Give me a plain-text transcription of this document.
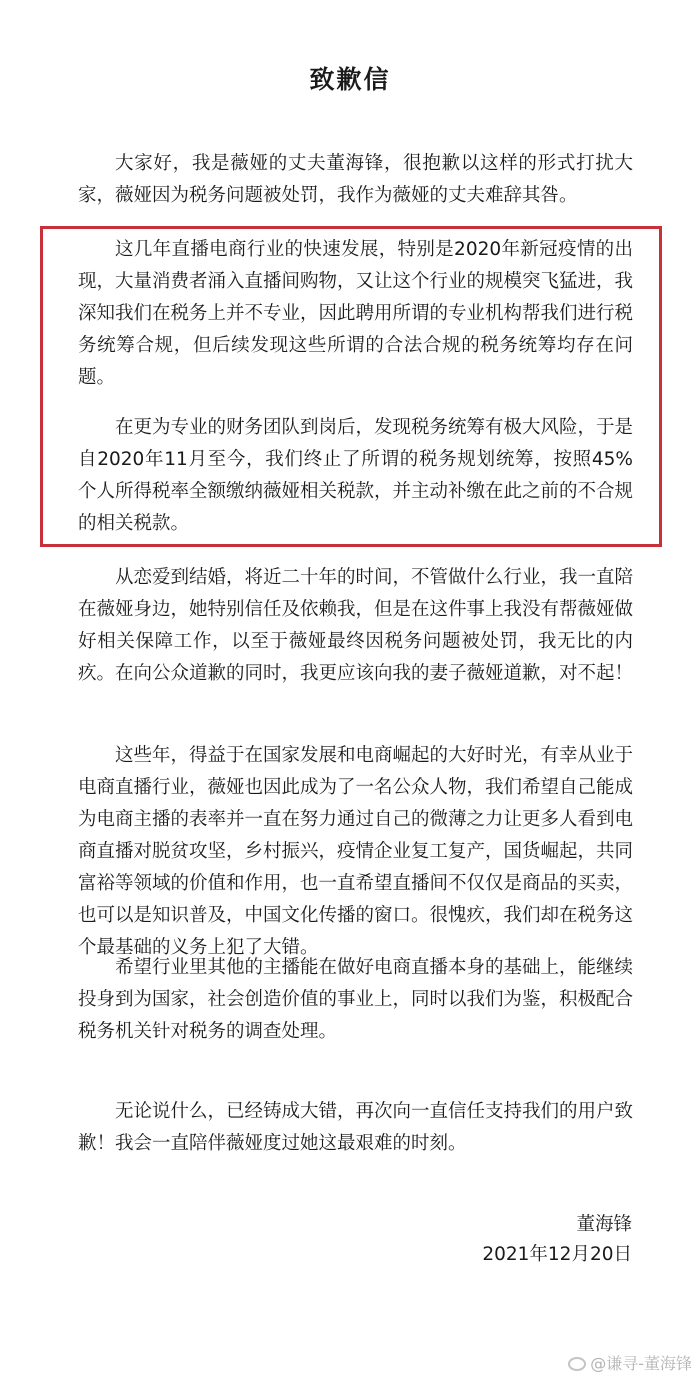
致歉信

大家好，我是薇娅的丈夫董海锋，很抱歉以这样的形式打扰大家，薇娅因为税务问题被处罚，我作为薇娅的丈夫难辞其咎。

这几年直播电商行业的快速发展，特别是2020年新冠疫情的出现，大量消费者涌入直播间购物，又让这个行业的规模突飞猛进，我深知我们在税务上并不专业，因此聘用所谓的专业机构帮我们进行税务统筹合规，但后续发现这些所谓的合法合规的税务统筹均存在问题。

在更为专业的财务团队到岗后，发现税务统筹有极大风险，于是自2020年11月至今，我们终止了所谓的税务规划统筹，按照45%个人所得税率全额缴纳薇娅相关税款，并主动补缴在此之前的不合规的相关税款。

从恋爱到结婚，将近二十年的时间，不管做什么行业，我一直陪在薇娅身边，她特别信任及依赖我，但是在这件事上我没有帮薇娅做好相关保障工作，以至于薇娅最终因税务问题被处罚，我无比的内疚。在向公众道歉的同时，我更应该向我的妻子薇娅道歉，对不起！

这些年，得益于在国家发展和电商崛起的大好时光，有幸从业于电商直播行业，薇娅也因此成为了一名公众人物，我们希望自己能成为电商主播的表率并一直在努力通过自己的微薄之力让更多人看到电商直播对脱贫攻坚，乡村振兴，疫情企业复工复产，国货崛起，共同富裕等领域的价值和作用，也一直希望直播间不仅仅是商品的买卖，也可以是知识普及，中国文化传播的窗口。很愧疚，我们却在税务这个最基础的义务上犯了大错。

希望行业里其他的主播能在做好电商直播本身的基础上，能继续投身到为国家，社会创造价值的事业上，同时以我们为鉴，积极配合税务机关针对税务的调查处理。

无论说什么，已经铸成大错，再次向一直信任支持我们的用户致歉！我会一直陪伴薇娅度过她这最艰难的时刻。

董海锋
2021年12月20日
@谦寻-董海锋
